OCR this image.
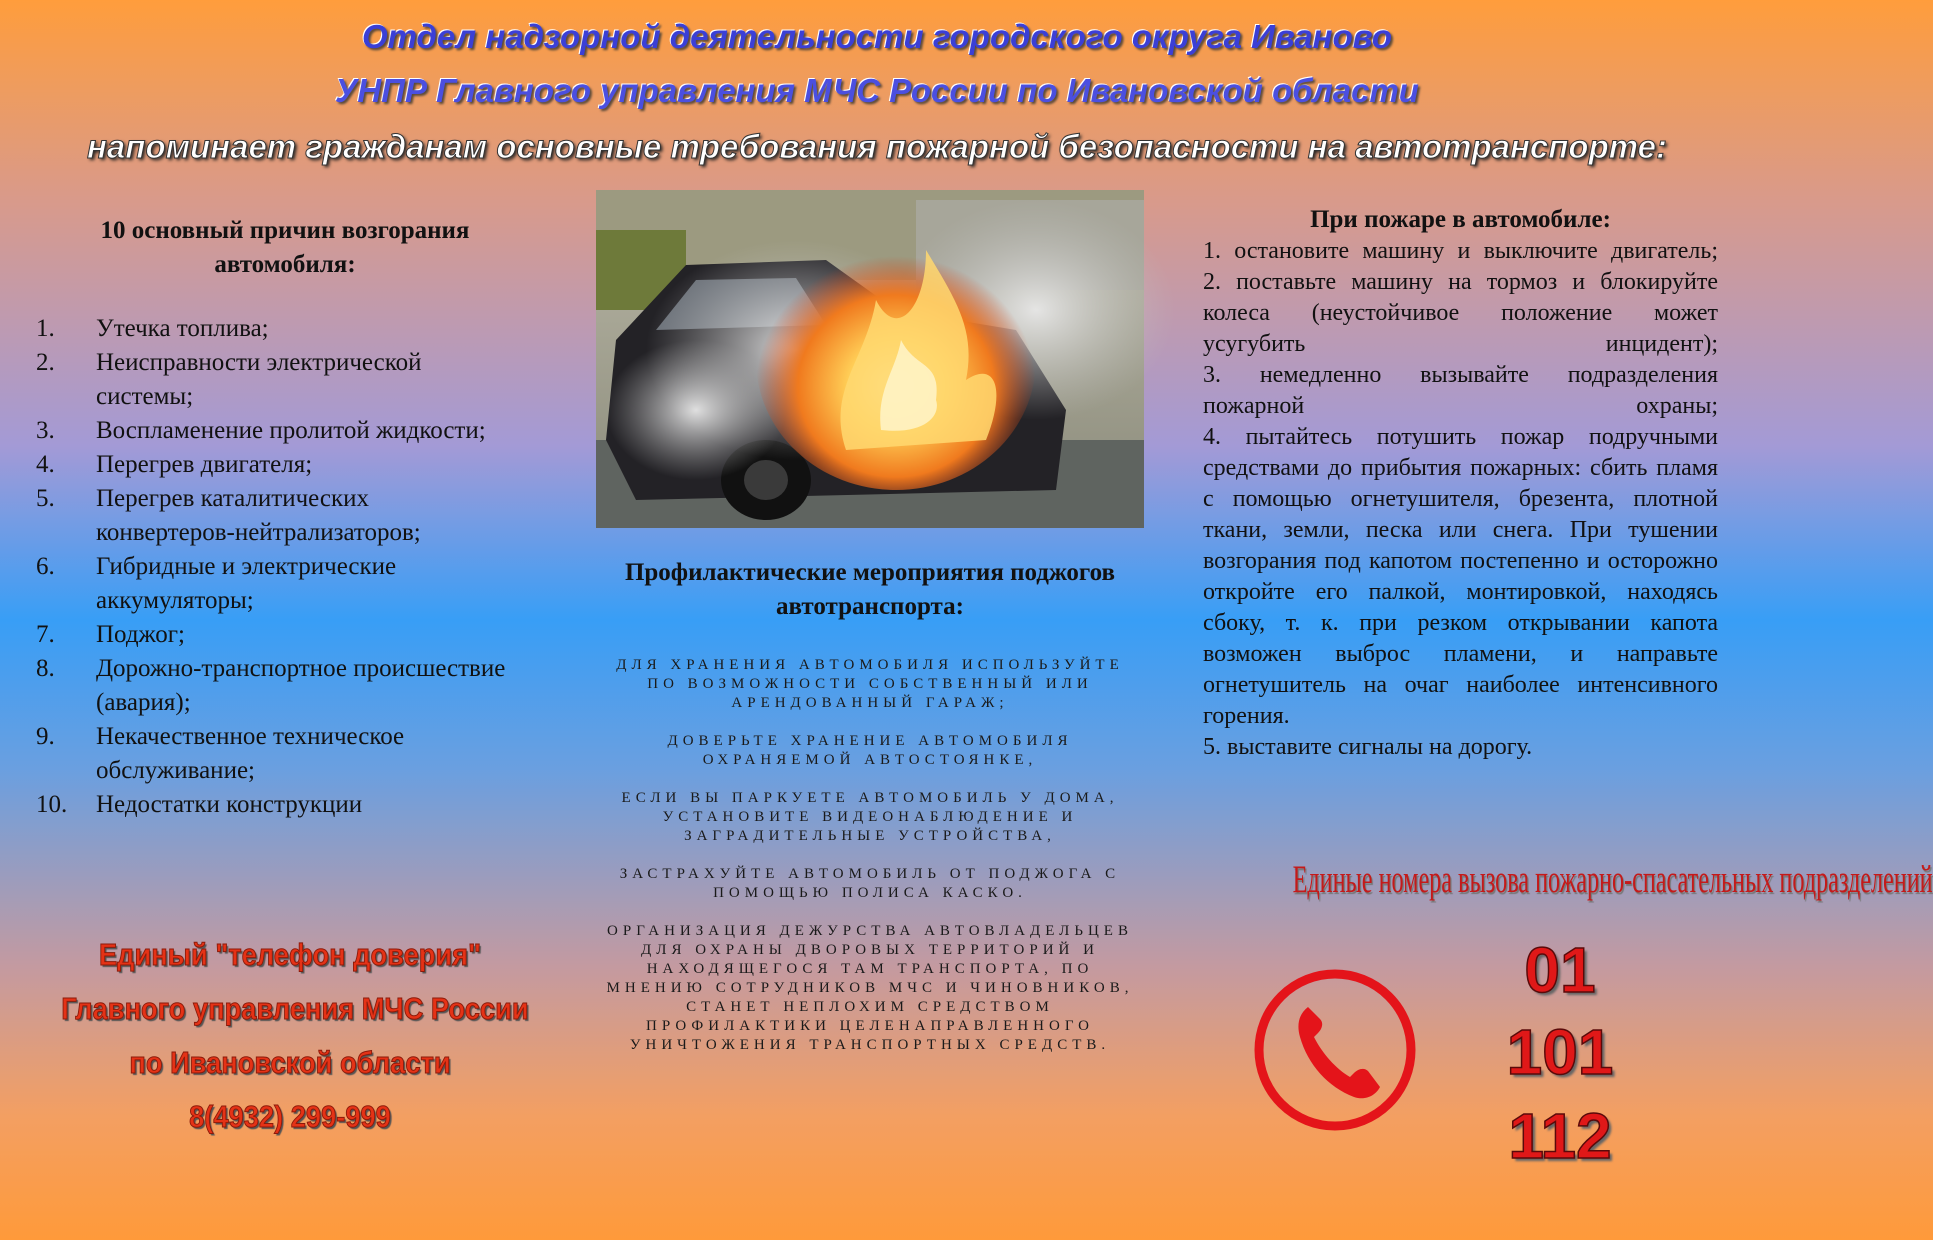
Отдел надзорной деятельности городского округа Иваново
УНПР Главного управления МЧС России по Ивановской области
напоминает гражданам основные требования пожарной безопасности на автотранспорте:
10 основный причин возгорания автомобиля:
1. Утечка топлива;
2. Неисправности электрической системы;
3. Воспламенение пролитой жидкости;
4. Перегрев двигателя;
5. Перегрев каталитических конвертеров-нейтрализаторов;
6. Гибридные и электрические аккумуляторы;
7. Поджог;
8. Дорожно-транспортное происшествие (авария);
9. Некачественное техническое обслуживание;
10. Недостатки конструкции
Единый "телефон доверия"
Главного управления МЧС России
по Ивановской области
8(4932) 299-999
Профилактические мероприятия поджогов автотранспорта:
ДЛЯ ХРАНЕНИЯ АВТОМОБИЛЯ ИСПОЛЬЗУЙТЕ ПО ВОЗМОЖНОСТИ СОБСТВЕННЫЙ ИЛИ АРЕНДОВАННЫЙ ГАРАЖ;
ДОВЕРЬТЕ ХРАНЕНИЕ АВТОМОБИЛЯ ОХРАНЯЕМОЙ АВТОСТОЯНКЕ,
ЕСЛИ ВЫ ПАРКУЕТЕ АВТОМОБИЛЬ У ДОМА, УСТАНОВИТЕ ВИДЕОНАБЛЮДЕНИЕ И ЗАГРАДИТЕЛЬНЫЕ УСТРОЙСТВА,
ЗАСТРАХУЙТЕ АВТОМОБИЛЬ ОТ ПОДЖОГА С ПОМОЩЬЮ ПОЛИСА КАСКО.
ОРГАНИЗАЦИЯ ДЕЖУРСТВА АВТОВЛАДЕЛЬЦЕВ ДЛЯ ОХРАНЫ ДВОРОВЫХ ТЕРРИТОРИЙ И НАХОДЯЩЕГОСЯ ТАМ ТРАНСПОРТА, ПО МНЕНИЮ СОТРУДНИКОВ МЧС И ЧИНОВНИКОВ, СТАНЕТ НЕПЛОХИМ СРЕДСТВОМ ПРОФИЛАКТИКИ ЦЕЛЕНАПРАВЛЕННОГО УНИЧТОЖЕНИЯ ТРАНСПОРТНЫХ СРЕДСТВ.
При пожаре в автомобиле:

1. остановите машину и выключите двигатель;

2. поставьте машину на тормоз и блокируйте колеса (неустойчивое положение может усугубить инцидент);

3. немедленно вызывайте подразделения пожарной охраны;

4. пытайтесь потушить пожар подручными средствами до прибытия пожарных: сбить пламя с помощью огнетушителя, брезента, плотной ткани, земли, песка или снега. При тушении возгорания под капотом постепенно и осторожно откройте его палкой, монтировкой, находясь сбоку, т. к. при резком открывании капота возможен выброс пламени, и направьте огнетушитель на очаг наиболее интенсивного горения.

5. выставите сигналы на дорогу.

Единые номера вызова пожарно-спасательных подразделений
01
101
112
